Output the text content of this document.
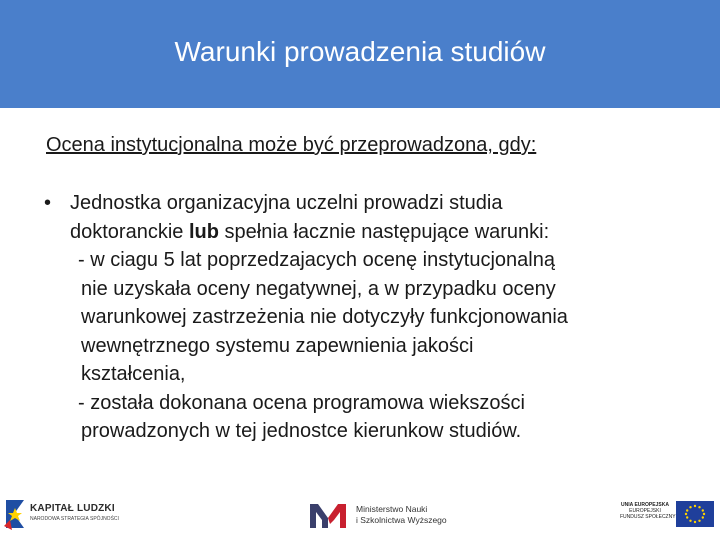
Warunki prowadzenia studiów
Ocena instytucjonalna może być przeprowadzona, gdy:
• Jednostka organizacyjna uczelni prowadzi studia
doktoranckie lub spełnia łacznie następujące warunki:
- w ciagu 5 lat poprzedzajacych ocenę instytucjonalną
nie uzyskała oceny negatywnej, a w przypadku oceny
warunkowej zastrzeżenia nie dotyczyły funkcjonowania
wewnętrznego systemu zapewnienia jakości
kształcenia,
- została dokonana ocena programowa wiekszości
prowadzonych w tej jednostce kierunkow studiów.
KAPITAŁ LUDZKI
NARODOWA STRATEGIA SPÓJNOŚCI
Ministerstwo Nauki
i Szkolnictwa Wyższego
UNIA EUROPEJSKA
EUROPEJSKI
FUNDUSZ SPOŁECZNY
